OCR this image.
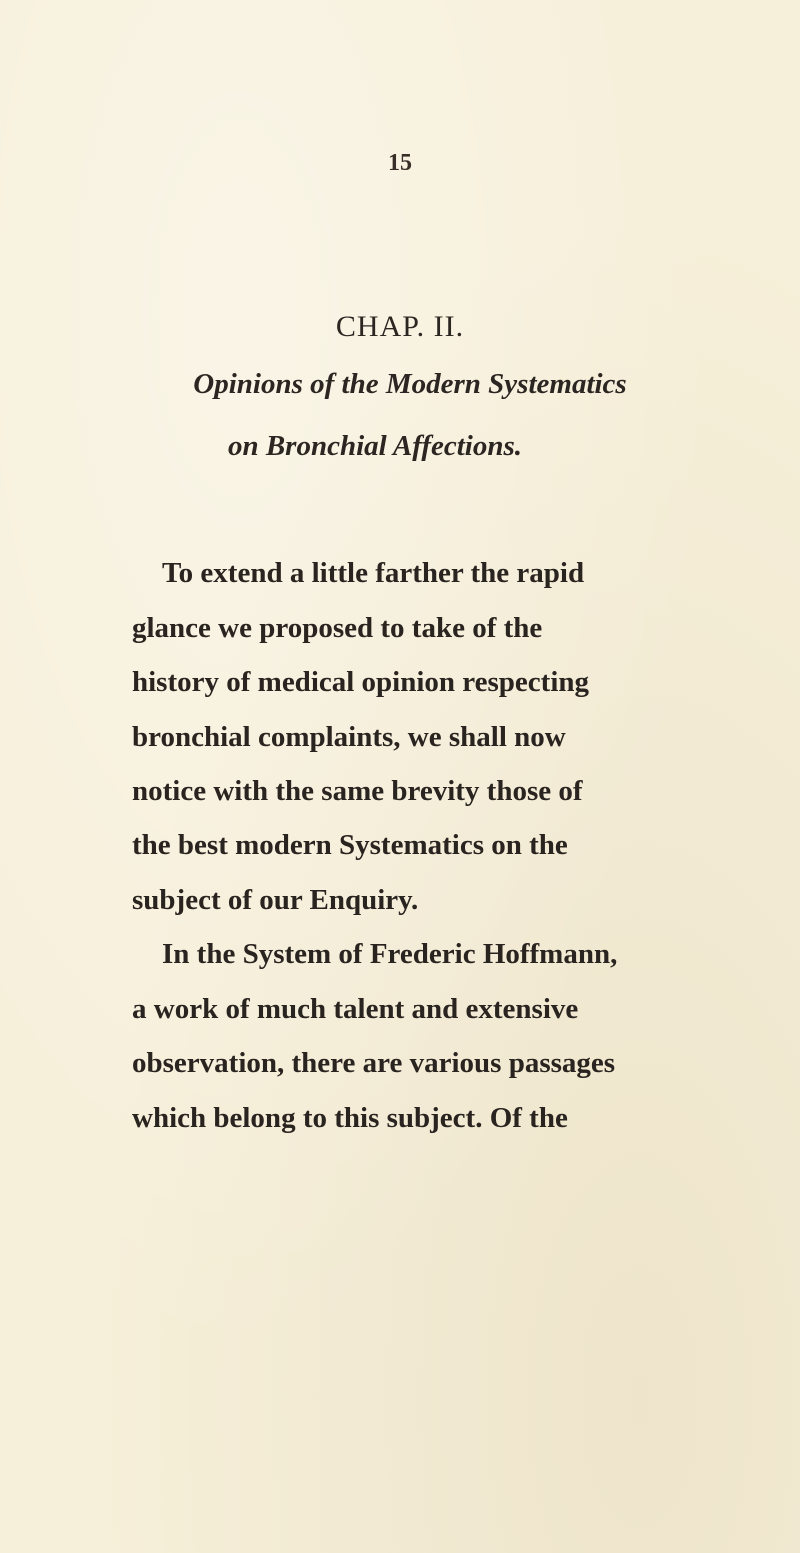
15
CHAP. II.
Opinions of the Modern Systematics
on Bronchial Affections.
To extend a little farther the rapid
glance we proposed to take of the
history of medical opinion respecting
bronchial complaints, we shall now
notice with the same brevity those of
the best modern Systematics on the
subject of our Enquiry.
In the System of Frederic Hoffmann,
a work of much talent and extensive
observation, there are various passages
which belong to this subject. Of the
